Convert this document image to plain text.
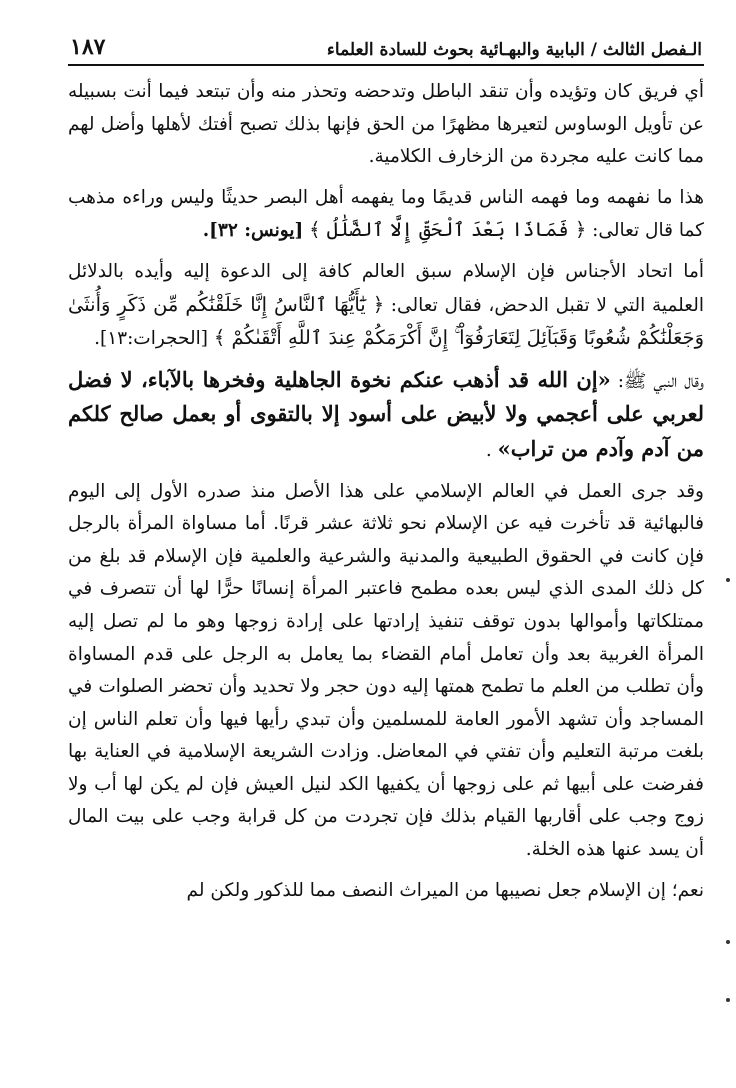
الـفصل الثالث / البابية والبهـائية بحوث للسادة العلماء
١٨٧

أي فريق كان وتؤيده وأن تنقد الباطل وتدحضه وتحذر منه وأن تبتعد فيما أنت بسبيله عن تأويل الوساوس لتعيرها مظهرًا من الحق فإنها بذلك تصبح أفتك لأهلها وأضل لهم مما كانت عليه مجردة من الزخارف الكلامية.

هذا ما نفهمه وما فهمه الناس قديمًا وما يفهمه أهل البصر حديثًا وليس وراءه مذهب كما قال تعالى: ﴿ فَمَاذَا بَعْدَ ٱلْحَقِّ إِلَّا ٱلضَّلَٰلُ ﴾ [يونس: ٣٢].

أما اتحاد الأجناس فإن الإسلام سبق العالم كافة إلى الدعوة إليه وأيده بالدلائل العلمية التي لا تقبل الدحض، فقال تعالى: ﴿ يَٰٓأَيُّهَا ٱلنَّاسُ إِنَّا خَلَقْنَٰكُم مِّن ذَكَرٍ وَأُنثَىٰ وَجَعَلْنَٰكُمْ شُعُوبًا وَقَبَآئِلَ لِتَعَارَفُوٓاْ ۚ إِنَّ أَكْرَمَكُمْ عِندَ ٱللَّهِ أَتْقَىٰكُمْ ﴾ [الحجرات:١٣].

وقال النبي ﷺ: «إن الله قد أذهب عنكم نخوة الجاهلية وفخرها بالآباء، لا فضل لعربي على أعجمي ولا لأبيض على أسود إلا بالتقوى أو بعمل صالح كلكم من آدم وآدم من تراب» .

وقد جرى العمل في العالم الإسلامي على هذا الأصل منذ صدره الأول إلى اليوم فالبهائية قد تأخرت فيه عن الإسلام نحو ثلاثة عشر قرنًا. أما مساواة المرأة بالرجل فإن كانت في الحقوق الطبيعية والمدنية والشرعية والعلمية فإن الإسلام قد بلغ من كل ذلك المدى الذي ليس بعده مطمح فاعتبر المرأة إنسانًا حرًّا لها أن تتصرف في ممتلكاتها وأموالها بدون توقف تنفيذ إرادتها على إرادة زوجها وهو ما لم تصل إليه المرأة الغربية بعد وأن تعامل أمام القضاء بما يعامل به الرجل على قدم المساواة وأن تطلب من العلم ما تطمح همتها إليه دون حجر ولا تحديد وأن تحضر الصلوات في المساجد وأن تشهد الأمور العامة للمسلمين وأن تبدي رأيها فيها وأن تعلم الناس إن بلغت مرتبة التعليم وأن تفتي في المعاضل. وزادت الشريعة الإسلامية في العناية بها ففرضت على أبيها ثم على زوجها أن يكفيها الكد لنيل العيش فإن لم يكن لها أب ولا زوج وجب على أقاربها القيام بذلك فإن تجردت من كل قرابة وجب على بيت المال أن يسد عنها هذه الخلة.

نعم؛ إن الإسلام جعل نصيبها من الميراث النصف مما للذكور ولكن لم
